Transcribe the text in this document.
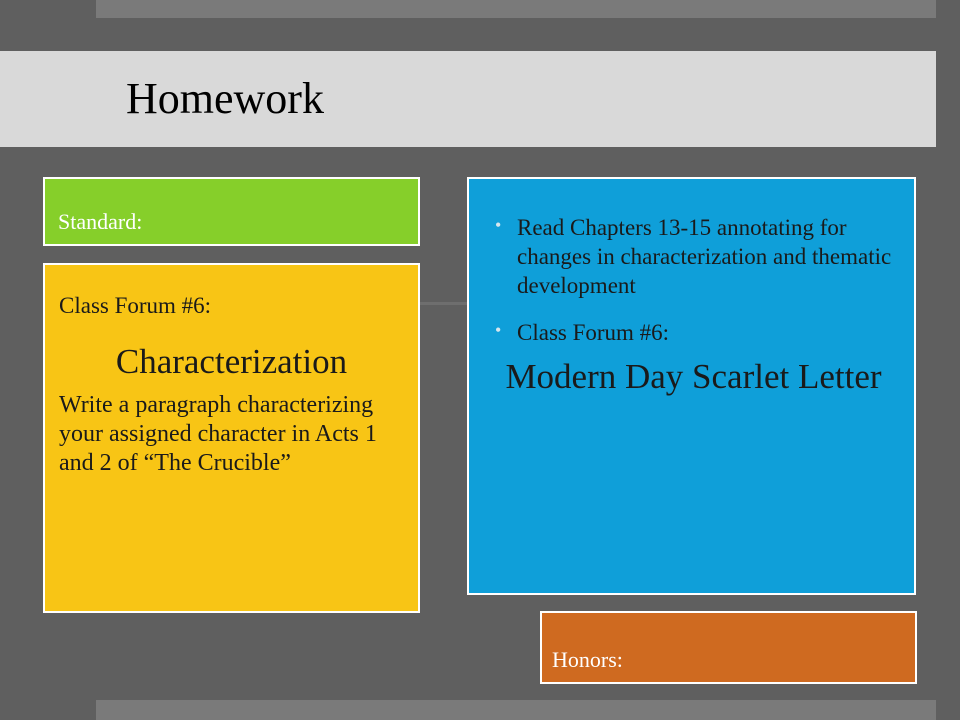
Homework
Standard:
Class Forum #6:
Characterization
Write a paragraph characterizing your assigned character in Acts 1 and 2 of “The Crucible”
• Read Chapters 13-15 annotating for changes in characterization and thematic development
• Class Forum #6:
Modern Day Scarlet Letter
Honors:
